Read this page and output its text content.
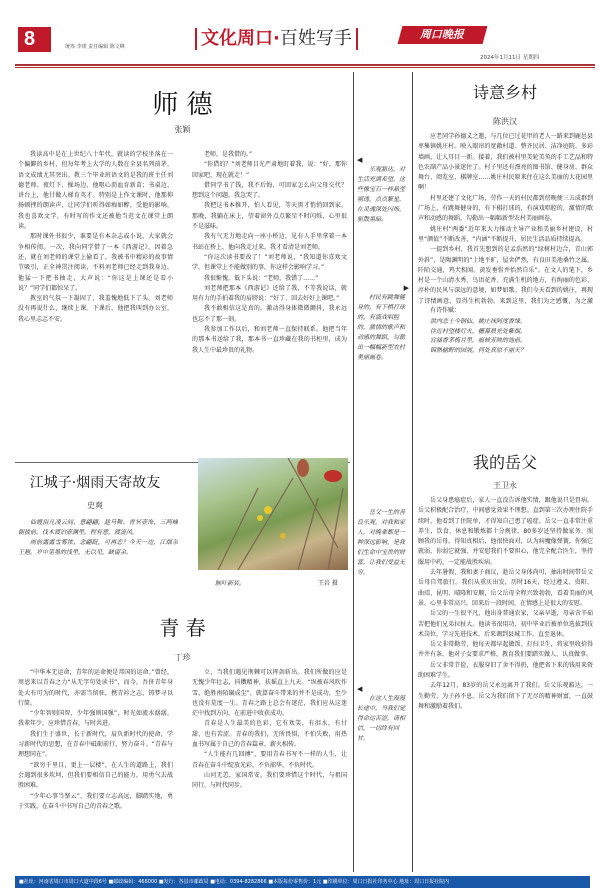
8	统筹 李琰 责任编辑 陈文峰	文化周口·百姓写手	周口晚报
2024年1月11日 星期四
师 德
张颖

我读高中是在上世纪八十年代，就读的学校坐落在一个偏僻的乡村，但每年考上大学的人数在全县名列前茅，语文成绩尤其突出。教三个毕业班语文的是我的班主任刘德老师。夜灯下、操场边，他呕心沥血育新苗；书桌边、讲台上，他甘做人梯育英才。特别是上作文课时，他那抑扬顿挫的朗读声，让同学们听得如痴如醉。受他的影响，我也喜欢文学，有时写的作文还被他当范文在课堂上朗读。

那时课外书很少，谁要是有本杂志或小说，大家就会争相传阅。一次，我向同学借了一本《西游记》，因着急还，就在刘老师的课堂上偷看了。我被书中精彩的故事情节吸引，正全神贯注阅读，不料刘老师已经走到我身边，他猛一下把书抽走，大声说：“你这是上课还是看小说？”同学们都惊呆了。

教室的气氛一下凝固了，我羞愧地低下了头。刘老师没有再说什么，继续上课。下课后，他把我叫到办公室，我心里忐忑不安。

老师，是我借的。”

“你借的？”刘老师目光严肃地盯着我，说：“好，那你回家吧，现在就走！”

借同学书了钱，我不后悔，可回家怎么向父母交代？想到这个问题，我急哭了。

我把这书本推开，怕人看见，等天黑才悄悄回到家。那晚，我躺在床上，望着窗外点点繁星不时闪烁，心里很不是滋味。

我有气无力地走向一座小桥边，见有人手里拿着一本书站在桥上，他向我走过来，我才看清是刘老师。

“你这次读书要改了！”刘老师说，“我知道你喜欢文学，但课堂上不能做别的事，你这样会影响学习。”

我很惭愧，低下头说：“老师，我错了……”

刘老师把那本《西游记》还给了我，不等我说话，就用有力的手拍着我的肩膀说：“好了，回去好好上课吧。”

我不敢相信这是真的。激动得身体微微颤抖，我永远也忘不了那一刻。

我参加工作以后，和刘老师一直保持联系。他把当年的那本书送给了我，那本书一直珍藏在我的书柜里，成为我人生中最珍贵的礼物。

江城子·烟雨天寄故友
史爽

仙霞俗凡凌云间，意翩翩，趁马鞍。青冥壶饰，三两峰朝拔前。伐木渡泊壶渊里，程有意，渡流风。

雨前露露雪雾浓，念翩跹，可再恋？今天一边，江烟杂王翘。岁中笔墨的浅里，无以见，缺留余。

脉叶新装。	王岩 摄
青 春
丁珍

“中华本无运命，青年的运命便是邦国的运命。”曾经，周恩来以青春之力“从无字句处读书”，而今，吾侪青年身处大有可为的时代，亦需当留驻，携青衿之志，铸梦寻以行简。

“少年智则国智，少年强则国强”，时光如流水潺潺，我辈年少，应珍惜青春，与时共进。

我们生于盛世，长于新时代，肩负新时代的使命，学习新时代的思想，在青春中砥砺前行，努力奋斗。“青春与理想同在”。

“欲穷千里目，更上一层楼”，在人生的道路上，我们会遇到很多坎坷，但我们要相信自己的能力，用勇气去战胜困难。

“少年心事当拏云”，我们要立志高远，脚踏实地，勇于实践，在奋斗中书写自己的青春之歌。

立，当我们遇见荆棘可以挥剑斩出。我们所做的应是无愧少年壮志，抖擞精神，扶摇直上九天。“纵被春风吹作雪，绝胜南陌碾成尘”，就算奋斗带来的并不是成功，至少也没有荒度一生。青春之路上总会有迷茫，我们应从这迷茫中找到方向，在前进中收获成功。

青春是人生最美的色彩，它有欢笑，有泪水，有甘甜，也有苦涩。青春的我们，无所畏惧，不怕失败，用热血书写属于自己的青春篇章，薪火相传。

“人生能有几回搏”，要用青春书写不一样的人生，让青春在奋斗中绽放光彩，不负韶华，不负时代。

山河无恙，家国常安，我们要珍惜这个时代，与祖国同行，与时代同步。

◀

乐观豁达，对生活充满希望，这些像宝石一样晶莹剔透，点点繁星，在灵魂深处闪烁，驱散黑暗。

▶

村民有跳舞健身的，有下棋打球的，有演戏唱腔的，激情的歌声和动感的舞蹈，勾勒出一幅幅新型农村美丽画卷。

岳父一生的善良乐观，对我和家人，对晚辈都是一种深远影响，是我们生命中宝贵的财富，让我们受益无穷。

◀

在这人生漫漫长途中，当我们觉得命运苦涩，请相信，一切终有回甘。

诗意乡村
陈洪汉

应老同学孙德义之邀，与几位已过花甲的老人一路来到鹿邑县枣集镇姚庄村。映入眼帘的宽敞村道、整齐民居、洁净庭院、多彩墙画，让人耳目一新。接着，我们被村里美轮美奂的手工艺品和特色农副产品小景迷住了。村子里还有漂亮的图书馆、健身房、群众舞台、阅览室、棋牌室……姚庄村民原来住在这么美丽的大花园里啊！

村里还建了文化广场，劳作一天的村民都到傍晚便三五成群到广场上，有跳舞健身的，有下棋打球的，有演戏唱腔的，激情的歌声和动感的舞蹈，勾勒出一幅幅新型农村美丽画卷。

姚庄村“两委”近年来大力推动主导产业和美丽乡村建设，村里“颜值”不断改善，“内涵”不断提升，居民生活品质持续提高。

一提到乡村，我首先想到的是孟浩然的“绿树村边合，青山郭外斜”，是陶渊明的“土地平旷，屋舍俨然，有良田美池桑竹之属。阡陌交通，鸡犬相闻。黄发垂髫并怡然自乐”。在文人的笔下，乡村是一个山清水秀、鸟语花香、充满生机的地方，有绚丽的色彩、淳朴的民风与深远的意境，如梦如歌。我们今天看到的姚庄，再现了诗情画意，显得生机勃勃。来到这里，我们为之感慨，为之激

有诗作赋：
洪内恋土今钢仙，姚庄抹阿度香缘。
往近村望楼灯火，栅幕晨光处紫烟。
宫涵香茅梅月里，瘟候芳映的池前。
锦熟榆野的园展，何处真原不丽天？
我的岳父
王卫永

岳父身患癌症后，家人一直没告诉他实情，跟他说只是胃病。岳父积极配合治疗，中间感觉效果不理想。直到第三次办理住院手续时，他看到了住院单，才得知自己患了癌症。岳父一直非常注重养生，饮食、休息和锻炼都十分规律，80多岁还坚持做家务、照顾我的岳母。得知真相后，他很快面对，认为病魔像弹簧，你强它就弱，你弱它就强，并安慰我们不要担心，他完全配合医生，坚持服用中药，一定能战胜疾病。

去年暑假，我和妻子商议，趁岳父身体尚可，抽出时间带岳父岳母自驾旅行。我们从重庆出发，历时16天，经过遵义、贵阳、曲靖、昆明、晴隆和安顺，岳父岳母全程兴致勃勃，看着美丽的风景，心里非常高兴。回来后一段时间，在情感上是很大的安慰。

岳父的一生很平凡，他出身普通农家，父亲早逝，母亲含辛茹苦把他们兄弟拉扯大。他读书很用功，初中毕业后被单位选拔到技术岗位，学习先进技术，后来调到县城工作，直至退休。

岳父非常勤劳，他每天都早起做饭、打扫卫生，将家里收拾得井井有条。他对子女要求严格，教育我们要踏实做人、认真做事。

岳父非常节俭，衣服穿旧了舍不得扔，他把省下来的钱用来资助困难学生。

去年12月，83岁的岳父永远离开了我们。岳父乐观豁达，一生勤劳，为子孙不息。岳父为我们留下了无尽的精神财富，一直鼓舞和激励着我们。

■社址：河南省周口市周口大道中段6号 ■邮政编码：466000 ■发行：各县市邮政局 ■电话：0394-8282866 ■本版每份零售价：1元 ■印刷单位：周口日报社印务中心 地址：周口日报社院内
